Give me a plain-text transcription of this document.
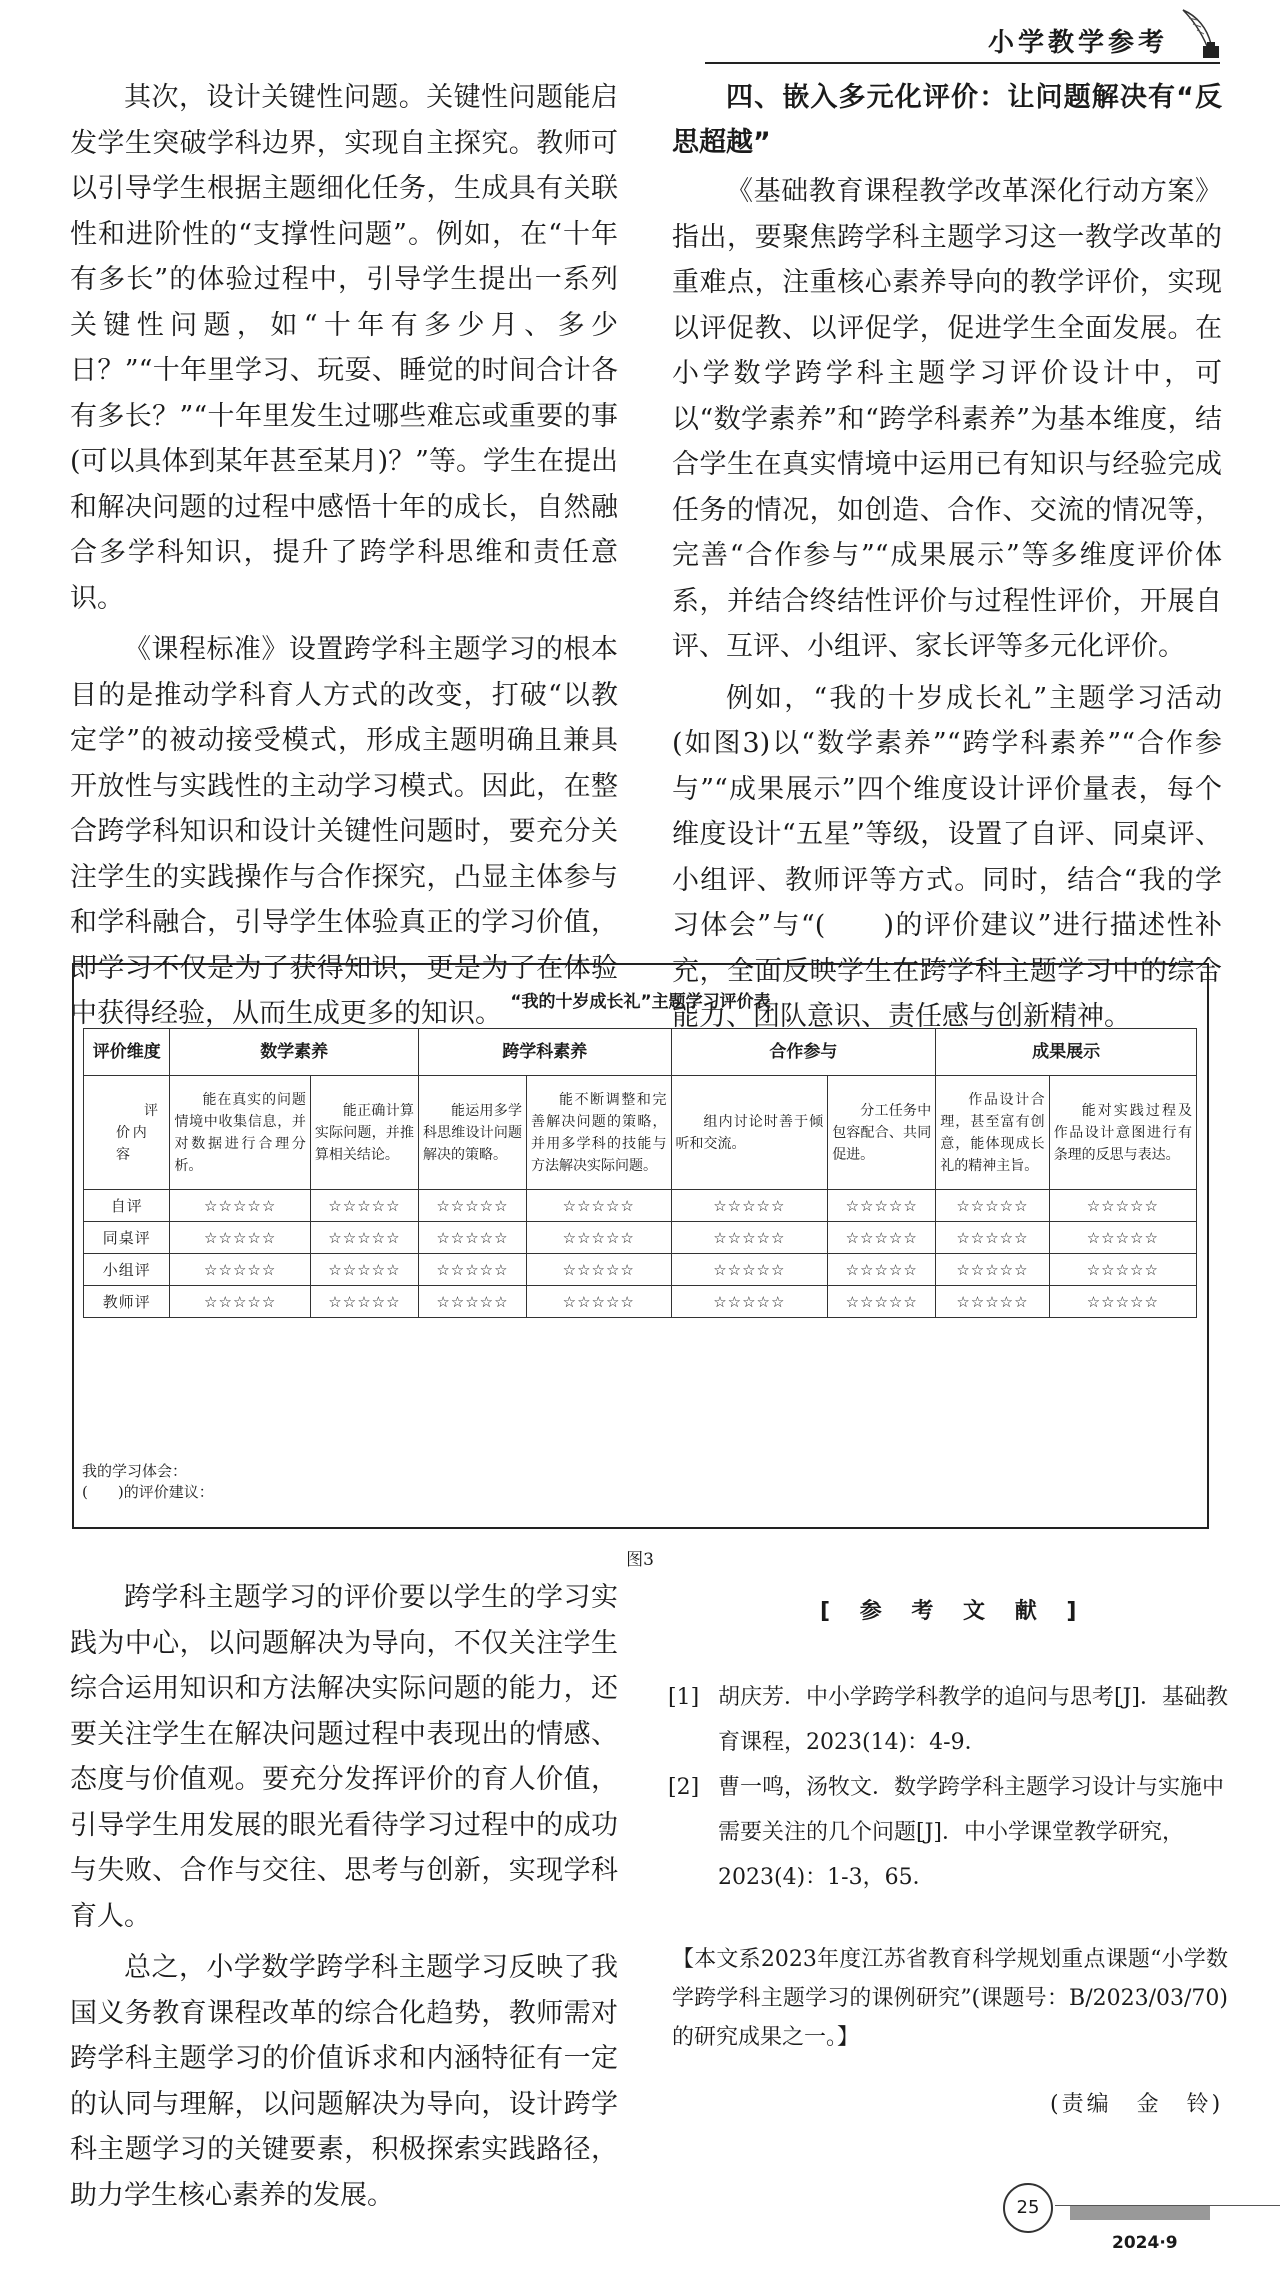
小学教学参考

其次，设计关键性问题。关键性问题能启发学生突破学科边界，实现自主探究。教师可以引导学生根据主题细化任务，生成具有关联性和进阶性的“支撑性问题”。例如，在“十年有多长”的体验过程中，引导学生提出一系列关键性问题，如“十年有多少月、多少日？”“十年里学习、玩耍、睡觉的时间合计各有多长？”“十年里发生过哪些难忘或重要的事(可以具体到某年甚至某月)？”等。学生在提出和解决问题的过程中感悟十年的成长，自然融合多学科知识，提升了跨学科思维和责任意识。

《课程标准》设置跨学科主题学习的根本目的是推动学科育人方式的改变，打破“以教定学”的被动接受模式，形成主题明确且兼具开放性与实践性的主动学习模式。因此，在整合跨学科知识和设计关键性问题时，要充分关注学生的实践操作与合作探究，凸显主体参与和学科融合，引导学生体验真正的学习价值，即学习不仅是为了获得知识，更是为了在体验中获得经验，从而生成更多的知识。

四、嵌入多元化评价：让问题解决有“反思超越”

《基础教育课程教学改革深化行动方案》指出，要聚焦跨学科主题学习这一教学改革的重难点，注重核心素养导向的教学评价，实现以评促教、以评促学，促进学生全面发展。在小学数学跨学科主题学习评价设计中，可以“数学素养”和“跨学科素养”为基本维度，结合学生在真实情境中运用已有知识与经验完成任务的情况，如创造、合作、交流的情况等，完善“合作参与”“成果展示”等多维度评价体系，并结合终结性评价与过程性评价，开展自评、互评、小组评、家长评等多元化评价。

例如，“我的十岁成长礼”主题学习活动(如图3)以“数学素养”“跨学科素养”“合作参与”“成果展示”四个维度设计评价量表，每个维度设计“五星”等级，设置了自评、同桌评、小组评、教师评等方式。同时，结合“我的学习体会”与“(　　)的评价建议”进行描述性补充，全面反映学生在跨学科主题学习中的综合能力、团队意识、责任感与创新精神。

“我的十岁成长礼”主题学习评价表
评价维度	数学素养		跨学科素养		合作参与		成果展示	
评价内容	能在真实的问题情境中收集信息，并对数据进行合理分析。	能正确计算实际问题，并推算相关结论。	能运用多学科思维设计问题解决的策略。	能不断调整和完善解决问题的策略，并用多学科的技能与方法解决实际问题。	组内讨论时善于倾听和交流。	分工任务中包容配合、共同促进。	作品设计合理，甚至富有创意，能体现成长礼的精神主旨。	能对实践过程及作品设计意图进行有条理的反思与表达。
自评	☆☆☆☆☆	☆☆☆☆☆	☆☆☆☆☆	☆☆☆☆☆	☆☆☆☆☆	☆☆☆☆☆	☆☆☆☆☆	☆☆☆☆☆
同桌评	☆☆☆☆☆	☆☆☆☆☆	☆☆☆☆☆	☆☆☆☆☆	☆☆☆☆☆	☆☆☆☆☆	☆☆☆☆☆	☆☆☆☆☆
小组评	☆☆☆☆☆	☆☆☆☆☆	☆☆☆☆☆	☆☆☆☆☆	☆☆☆☆☆	☆☆☆☆☆	☆☆☆☆☆	☆☆☆☆☆
教师评	☆☆☆☆☆	☆☆☆☆☆	☆☆☆☆☆	☆☆☆☆☆	☆☆☆☆☆	☆☆☆☆☆	☆☆☆☆☆	☆☆☆☆☆
我的学习体会：
(　　)的评价建议：
图3

跨学科主题学习的评价要以学生的学习实践为中心，以问题解决为导向，不仅关注学生综合运用知识和方法解决实际问题的能力，还要关注学生在解决问题过程中表现出的情感、态度与价值观。要充分发挥评价的育人价值，引导学生用发展的眼光看待学习过程中的成功与失败、合作与交往、思考与创新，实现学科育人。

总之，小学数学跨学科主题学习反映了我国义务教育课程改革的综合化趋势，教师需对跨学科主题学习的价值诉求和内涵特征有一定的认同与理解，以问题解决为导向，设计跨学科主题学习的关键要素，积极探索实践路径，助力学生核心素养的发展。

[ 参 考 文 献 ]
[1] 胡庆芳．中小学跨学科教学的追问与思考[J]．基础教育课程，2023(14)：4-9．
[2] 曹一鸣，汤牧文．数学跨学科主题学习设计与实施中需要关注的几个问题[J]．中小学课堂教学研究，2023(4)：1-3，65．
【本文系2023年度江苏省教育科学规划重点课题“小学数学跨学科主题学习的课例研究”(课题号：B/2023/03/70)的研究成果之一。】
(责编　金　铃)
25
2024·9
